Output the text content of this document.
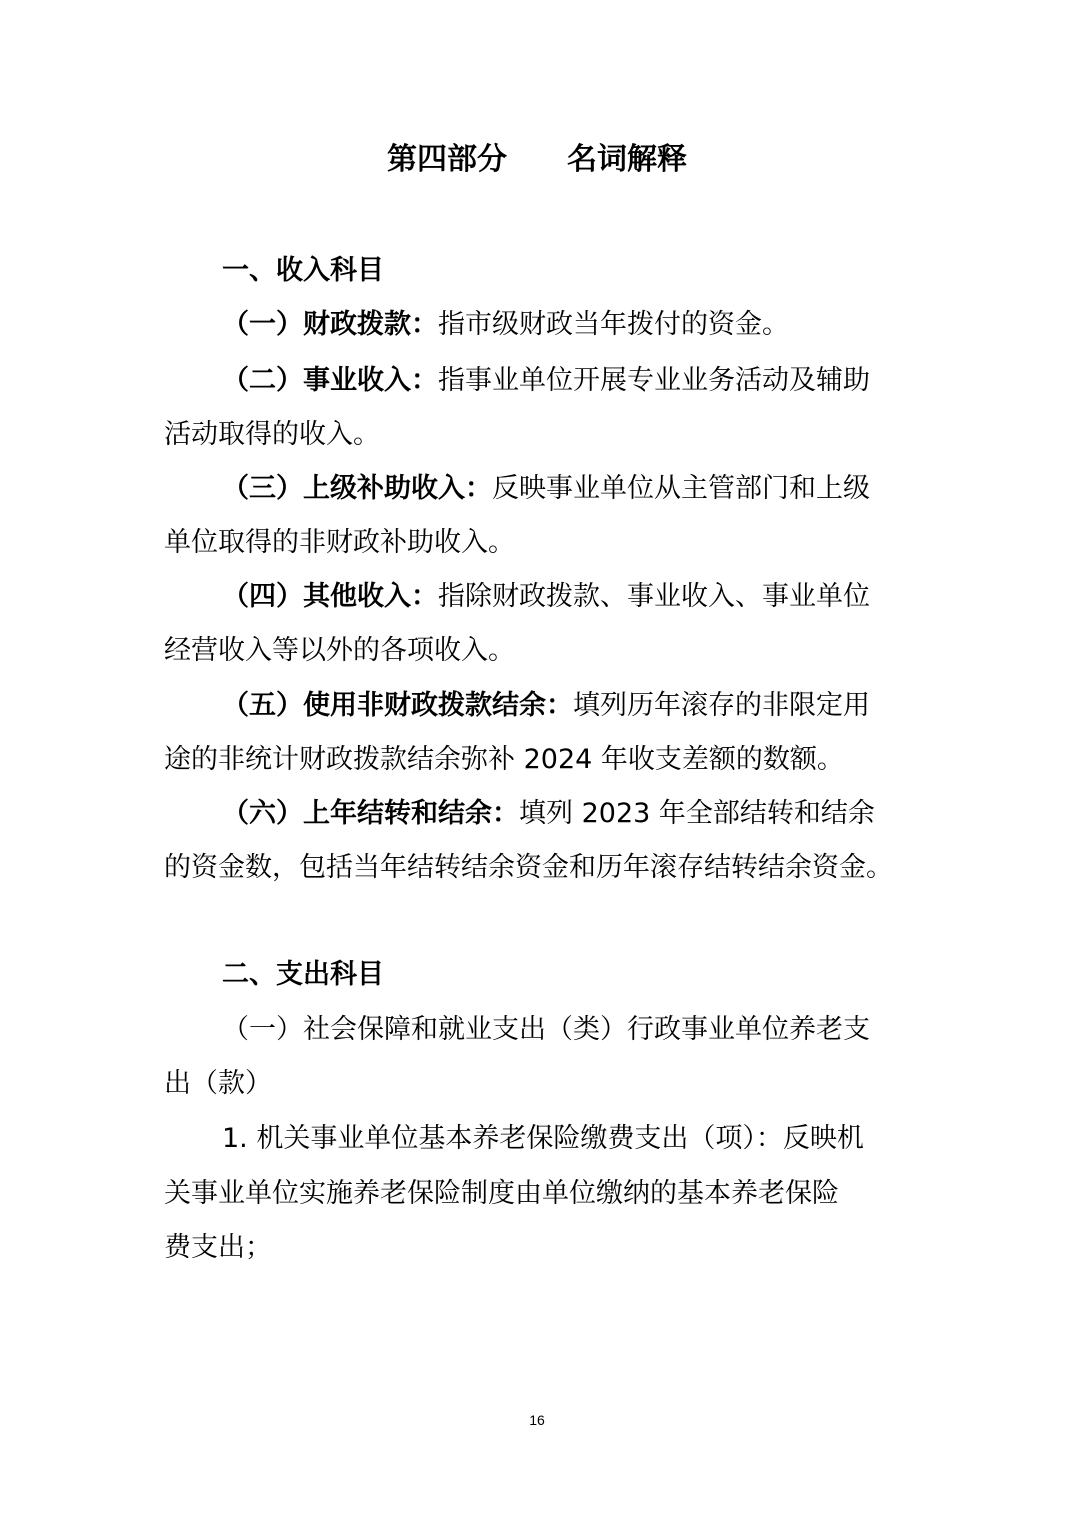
第四部分　　名词解释
一、收入科目
（一）财政拨款：指市级财政当年拨付的资金。
（二）事业收入：指事业单位开展专业业务活动及辅助
活动取得的收入。
（三）上级补助收入：反映事业单位从主管部门和上级
单位取得的非财政补助收入。
（四）其他收入：指除财政拨款、事业收入、事业单位
经营收入等以外的各项收入。
（五）使用非财政拨款结余：填列历年滚存的非限定用
途的非统计财政拨款结余弥补 2024 年收支差额的数额。
（六）上年结转和结余：填列 2023 年全部结转和结余
的资金数，包括当年结转结余资金和历年滚存结转结余资金。
二、支出科目
（一）社会保障和就业支出（类）行政事业单位养老支
出（款）
1. 机关事业单位基本养老保险缴费支出（项）：反映机
关事业单位实施养老保险制度由单位缴纳的基本养老保险
费支出；
16
